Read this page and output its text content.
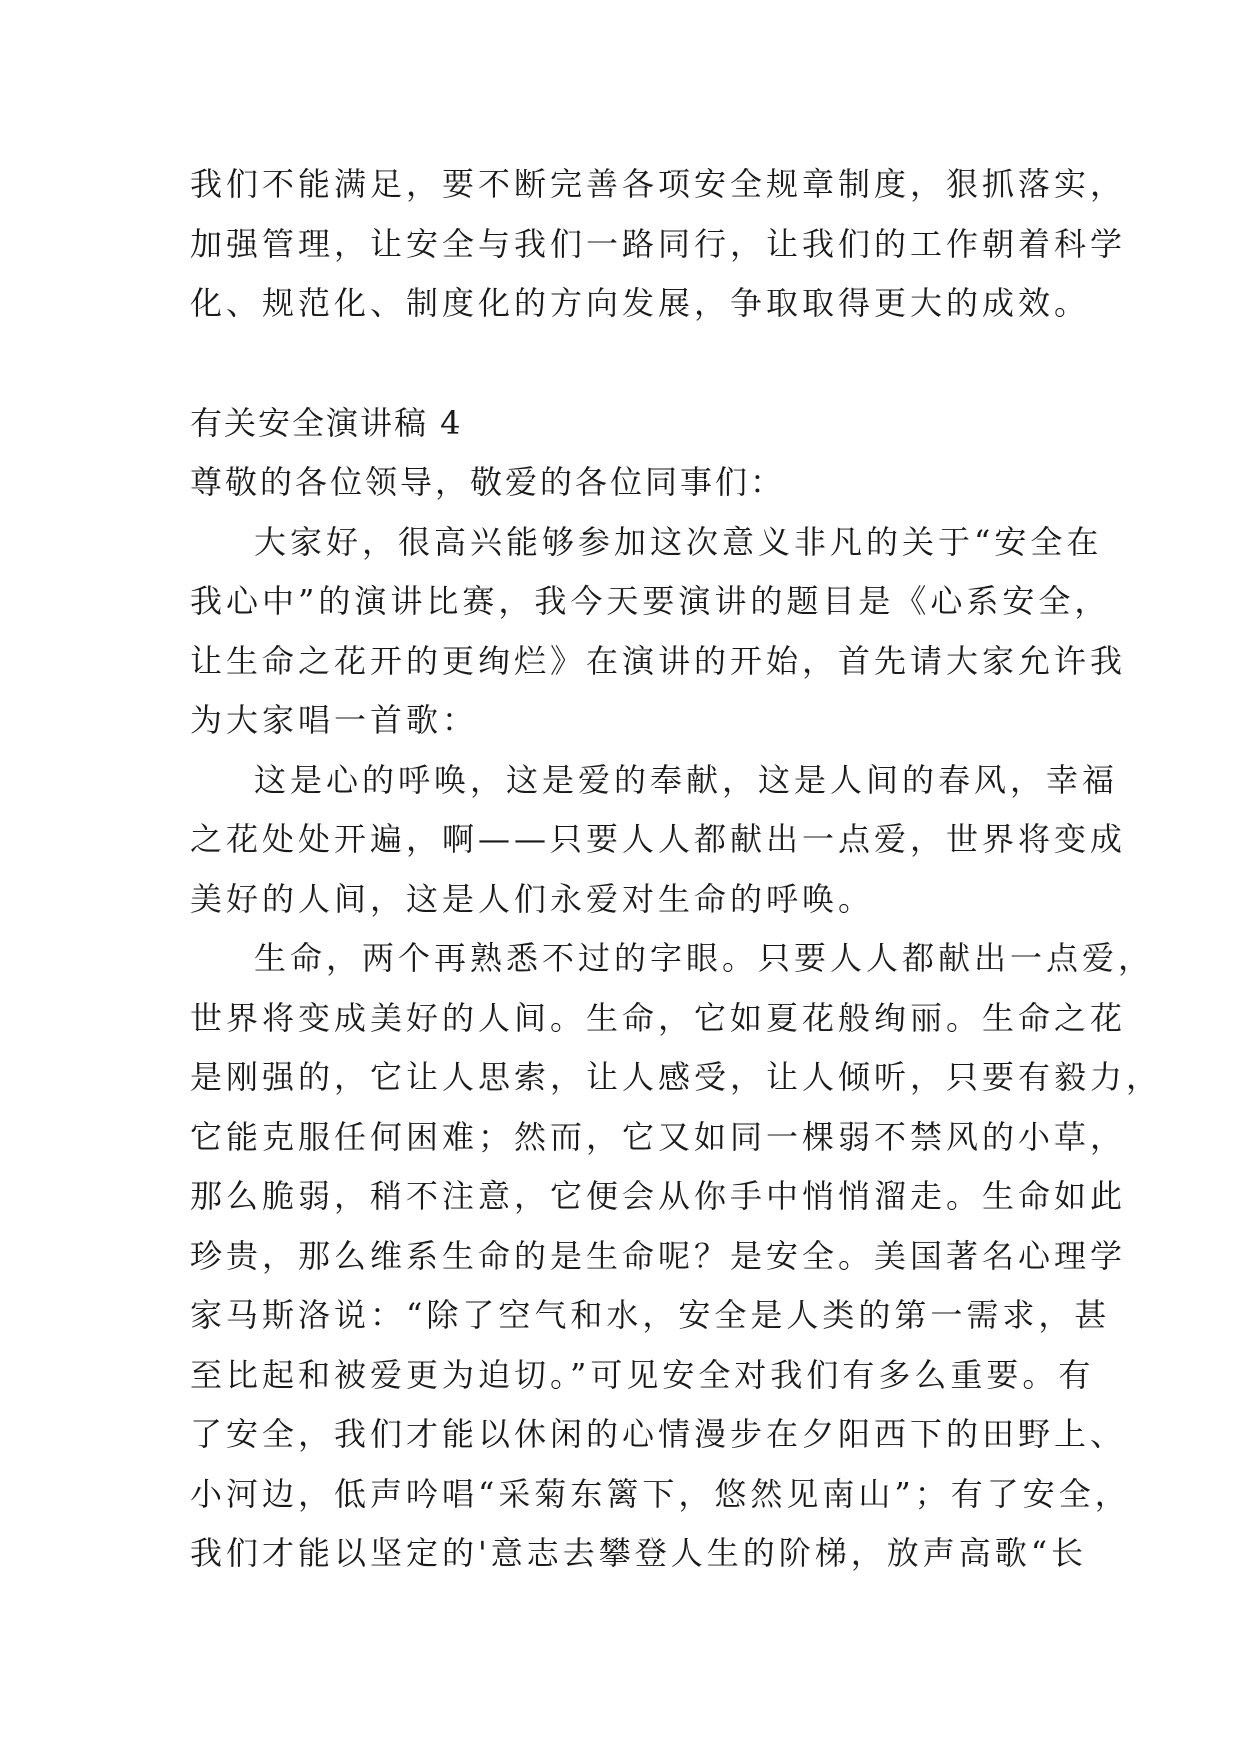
我们不能满足，要不断完善各项安全规章制度，狠抓落实，
加强管理，让安全与我们一路同行，让我们的工作朝着科学
化、规范化、制度化的方向发展，争取取得更大的成效。

有关安全演讲稿 4

尊敬的各位领导，敬爱的各位同事们：

大家好，很高兴能够参加这次意义非凡的关于“安全在
我心中”的演讲比赛，我今天要演讲的题目是《心系安全，
让生命之花开的更绚烂》在演讲的开始，首先请大家允许我
为大家唱一首歌：

这是心的呼唤，这是爱的奉献，这是人间的春风，幸福
之花处处开遍，啊——只要人人都献出一点爱，世界将变成
美好的人间，这是人们永爱对生命的呼唤。

生命，两个再熟悉不过的字眼。只要人人都献出一点爱，
世界将变成美好的人间。生命，它如夏花般绚丽。生命之花
是刚强的，它让人思索，让人感受，让人倾听，只要有毅力，
它能克服任何困难；然而，它又如同一棵弱不禁风的小草，
那么脆弱，稍不注意，它便会从你手中悄悄溜走。生命如此
珍贵，那么维系生命的是生命呢？是安全。美国著名心理学
家马斯洛说：“除了空气和水，安全是人类的第一需求，甚
至比起和被爱更为迫切。”可见安全对我们有多么重要。有
了安全，我们才能以休闲的心情漫步在夕阳西下的田野上、
小河边，低声吟唱“采菊东篱下，悠然见南山”；有了安全，
我们才能以坚定的'意志去攀登人生的阶梯，放声高歌“长
